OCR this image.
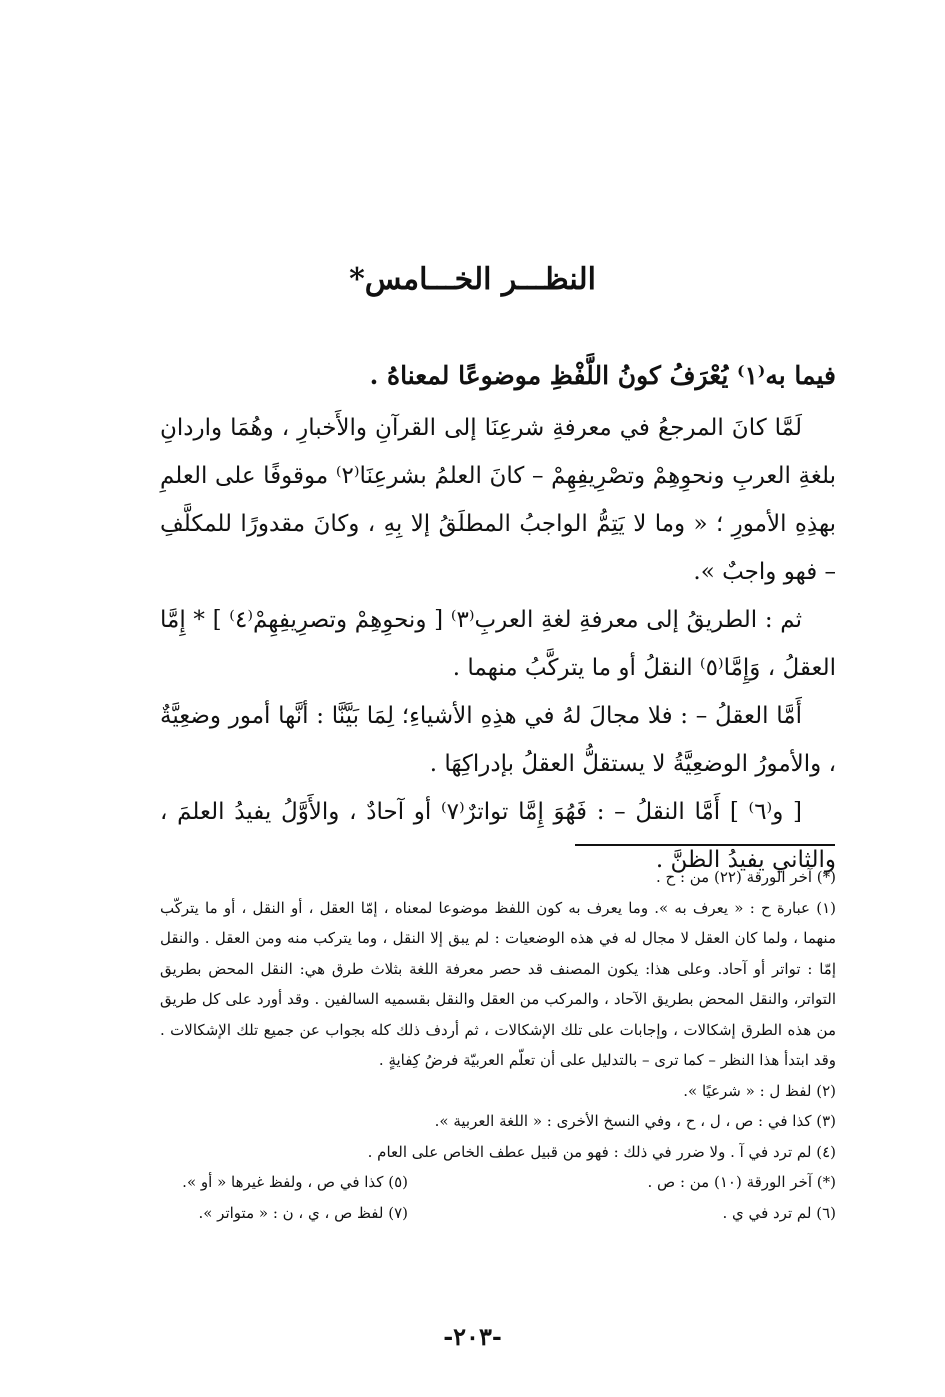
النظـــر الخـــامس*

فيما به⁽١⁾ يُعْرَفُ كونُ اللَّفْظِ موضوعًا لمعناهُ .

لَمَّا كانَ المرجعُ في معرفةِ شرعِنَا إلى القرآنِ والأَخبارِ ، وهُمَا واردانِ بلغةِ العربِ ونحوِهِمْ وتصْرِيفِهِمْ – كانَ العلمُ بشرعِنَا⁽٢⁾ موقوفًا على العلمِ بهذِهِ الأمورِ ؛ « وما لا يَتِمُّ الواجبُ المطلَقُ إلا بِهِ ، وكانَ مقدورًا للمكلَّفِ – فهو واجبٌ ».

ثم : الطريقُ إلى معرفةِ لغةِ العربِ⁽٣⁾ [ ونحوِهِمْ وتصرِيفِهِمْ⁽٤⁾ ] * إِمَّا العقلُ ، وَإِمَّا⁽٥⁾ النقلُ أو ما يتركَّبُ منهما .

أَمَّا العقلُ – : فلا مجالَ لهُ في هذِهِ الأشياءِ؛ لِمَا بَيَّنَّا : أنَّها أمور وضعِيَّةٌ ، والأمورُ الوضعِيَّةُ لا يستقلُّ العقلُ بإدراكِهَا .

[ و⁽٦⁾ ] أَمَّا النقلُ – : فَهُوَ إِمَّا تواترٌ⁽٧⁾ أو آحادٌ ، والأَوَّلُ يفيدُ العلمَ ، والثاني يفيدُ الظنَّ .

(*) آخر الورقة (٢٢) من : ح .

(١) عبارة ح : « يعرف به ». وما يعرف به كون اللفظ موضوعا لمعناه ، إمّا العقل ، أو النقل ، أو ما يتركّب منهما ، ولما كان العقل لا مجال له في هذه الوضعيات : لم يبق إلا النقل ، وما يتركب منه ومن العقل . والنقل إمّا : تواتر أو آحاد. وعلى هذا: يكون المصنف قد حصر معرفة اللغة بثلاث طرق هي: النقل المحض بطريق التواتر، والنقل المحض بطريق الآحاد ، والمركب من العقل والنقل بقسميه السالفين . وقد أورد على كل طريق من هذه الطرق إشكالات ، وإجابات على تلك الإشكالات ، ثم أردف ذلك كله بجواب عن جميع تلك الإشكالات . وقد ابتدأ هذا النظر – كما ترى – بالتدليل على أن تعلّم العربيّة فرضُ كِفايةٍ .

(٢) لفظ ل : « شرعيًا ».

(٣) كذا في : ص ، ل ، ح ، وفي النسخ الأخرى : « اللغة العربية ».

(٤) لم ترد في آ . ولا ضرر في ذلك : فهو من قبيل عطف الخاص على العام .

(*) آخر الورقة (١٠) من : ص .
(٥) كذا في ص ، ولفظ غيرها « أو ».
(٦) لم ترد في ي .
(٧) لفظ ص ، ي ، ن : « متواتر ».
-٢٠٣-
